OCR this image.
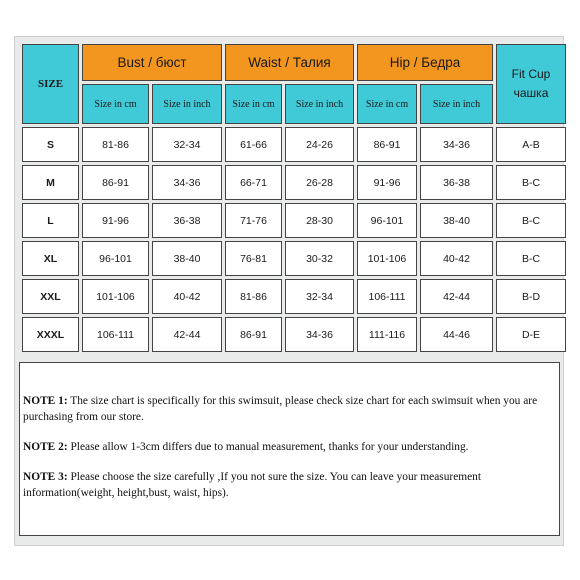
SIZE	Bust / бюст		Waist / Талия		Hip / Бедра		Fit Cup
чашка
	Size in cm	Size in inch	Size in cm	Size in inch	Size in cm	Size in inch	
S	81-86	32-34	61-66	24-26	86-91	34-36	A-B
M	86-91	34-36	66-71	26-28	91-96	36-38	B-C
L	91-96	36-38	71-76	28-30	96-101	38-40	B-C
XL	96-101	38-40	76-81	30-32	101-106	40-42	B-C
XXL	101-106	40-42	81-86	32-34	106-111	42-44	B-D
XXXL	106-111	42-44	86-91	34-36	111-116	44-46	D-E

NOTE 1: The size chart is specifically for this swimsuit, please check size chart for each swimsuit when you are purchasing from our store.

NOTE 2: Please allow 1-3cm differs due to manual measurement, thanks for your understanding.

NOTE 3: Please choose the size carefully ,If you not sure the size. You can leave your measurement information(weight, height,bust, waist, hips).
